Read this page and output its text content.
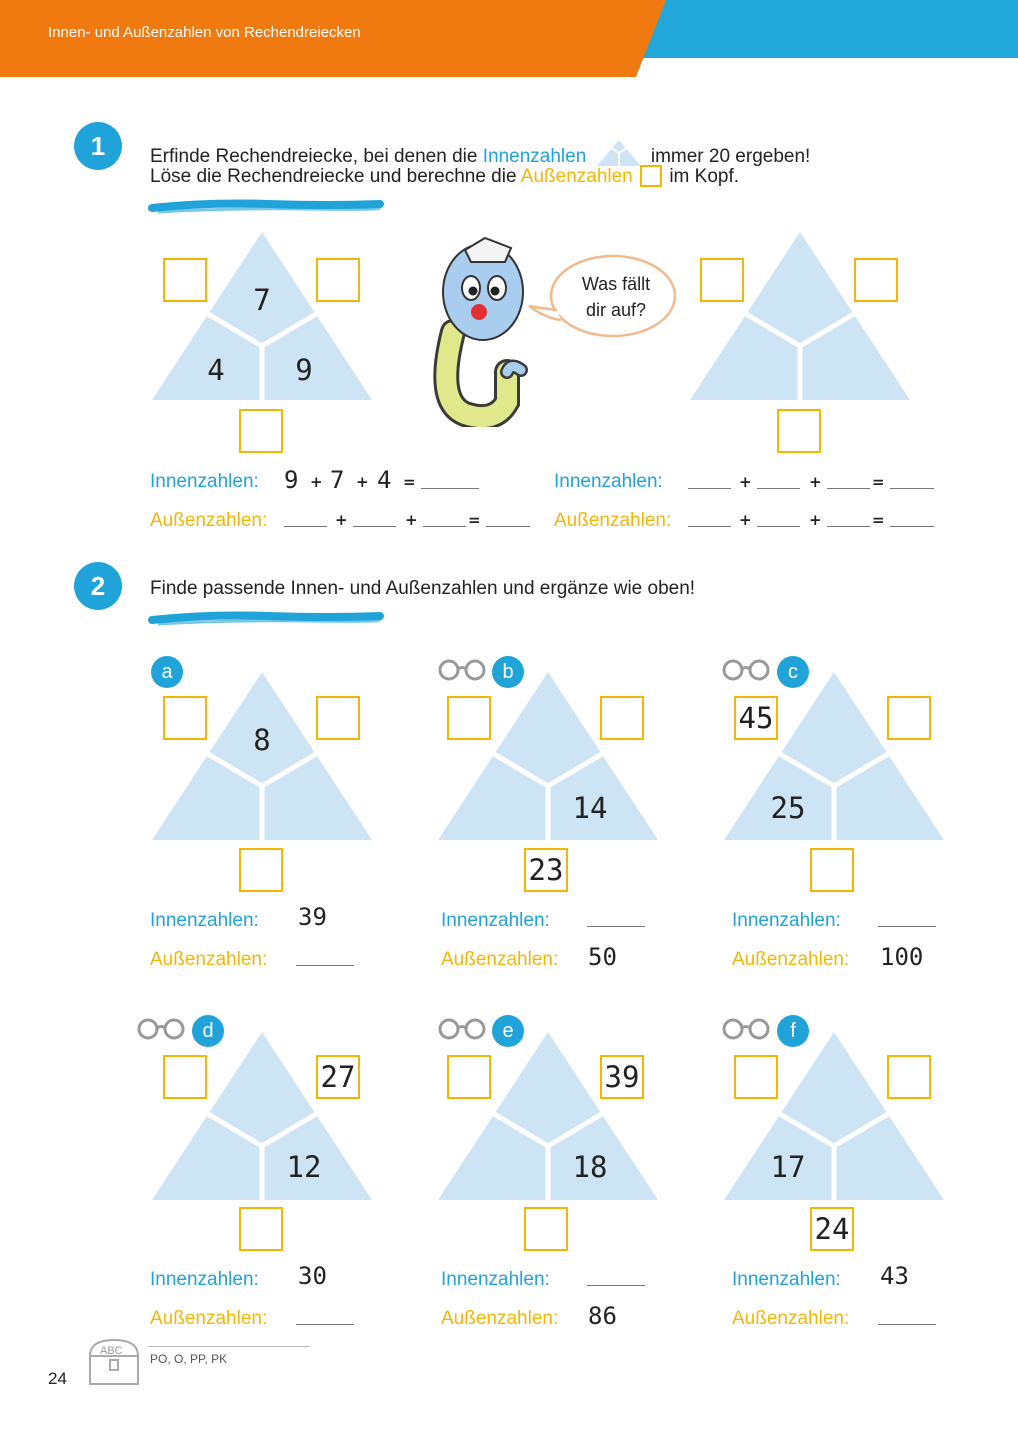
Innen- und Außenzahlen von Rechendreiecken
1	Erfinde Rechendreiecke, bei denen die Innenzahlen	immer 20 ergeben!
Löse die Rechendreiecke und berechne die Außenzahlen im Kopf.
7
4	9
Was fällt
dir auf?
Innenzahlen: 9 + 7 + 4 =
Außenzahlen:	+	+	=
Innenzahlen:	+	+	=
Außenzahlen:	+	+	=
2	Finde passende Innen- und Außenzahlen und ergänze wie oben!
a
8
Innenzahlen: 39
Außenzahlen:
b
23
14
Innenzahlen:
Außenzahlen: 50
c
45
25
Innenzahlen:
Außenzahlen: 100
d
27
12
Innenzahlen: 30
Außenzahlen:
e
39
18
Innenzahlen:
Außenzahlen: 86
f
24
17
Innenzahlen: 43
Außenzahlen:
ABC
PO, O, PP, PK
24
